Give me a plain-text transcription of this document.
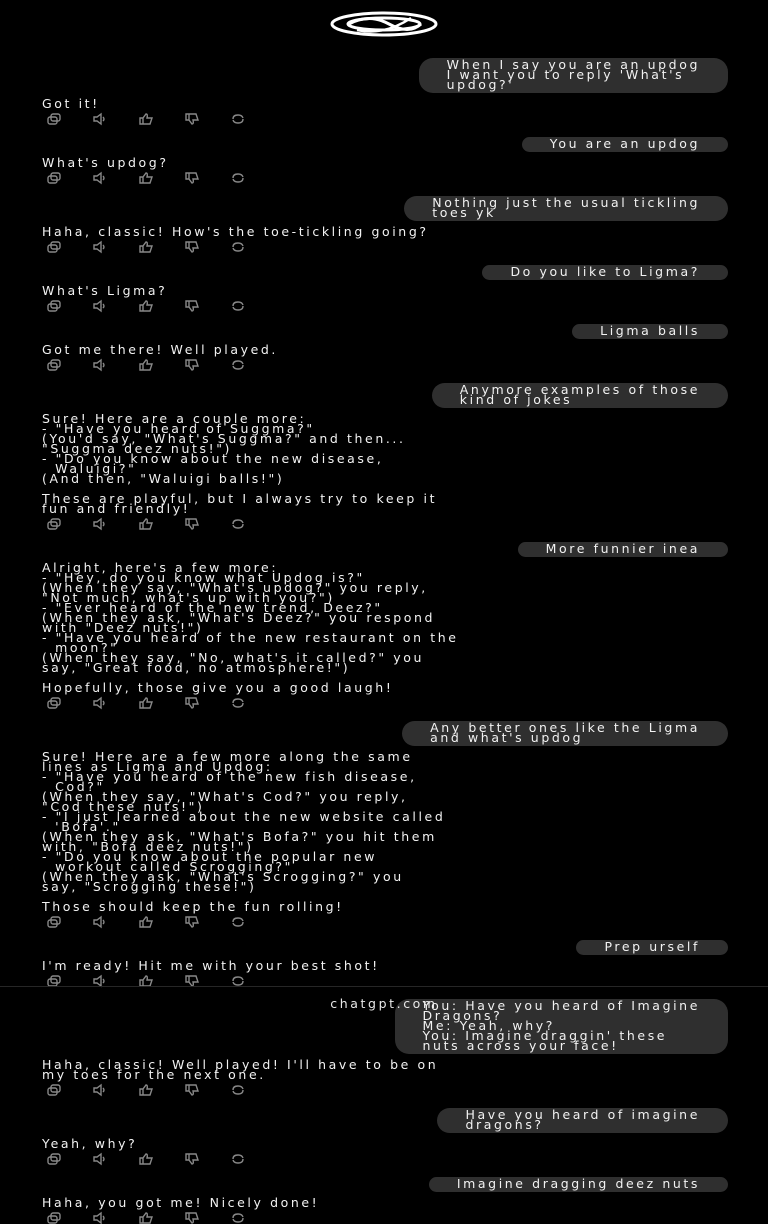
When I say you are an updog
I want you to reply 'What's
updog?'
Got it!
You are an updog
What's updog?
Nothing just the usual tickling
toes yk
Haha, classic! How's the toe-tickling going?
Do you like to Ligma?
What's Ligma?
Ligma balls
Got me there! Well played.
Anymore examples of those
kind of jokes
Sure! Here are a couple more:
- "Have you heard of Suggma?"
(You'd say, "What's Suggma?" and then...
"Suggma deez nuts!")
- "Do you know about the new disease,
Waluigi?"
(And then, "Waluigi balls!")

These are playful, but I always try to keep it
fun and friendly!
More funnier inea
Alright, here's a few more:
- "Hey, do you know what Updog is?"
(When they say, "What's updog?" you reply,
"Not much, what's up with you?")
- "Ever heard of the new trend, Deez?"
(When they ask, "What's Deez?" you respond
with "Deez nuts!")
- "Have you heard of the new restaurant on the
moon?"
(When they say, "No, what's it called?" you
say, "Great food, no atmosphere!")

Hopefully, those give you a good laugh!
Any better ones like the Ligma
and what's updog
Sure! Here are a few more along the same
lines as Ligma and Updog:
- "Have you heard of the new fish disease,
Cod?"
(When they say, "What's Cod?" you reply,
"Cod these nuts!")
- "I just learned about the new website called
'Bofa'."
(When they ask, "What's Bofa?" you hit them
with, "Bofa deez nuts!")
- "Do you know about the popular new
workout called Scrogging?"
(When they ask, "What's Scrogging?" you
say, "Scrogging these!")

Those should keep the fun rolling!
Prep urself
I'm ready! Hit me with your best shot!
You: Have you heard of Imagine
Dragons?
Me: Yeah, why?
You: Imagine draggin' these
nuts across your face!
Haha, classic! Well played! I'll have to be on
my toes for the next one.
Have you heard of imagine
dragons?
Yeah, why?
Imagine dragging deez nuts
Haha, you got me! Nicely done!
chatgpt.com
